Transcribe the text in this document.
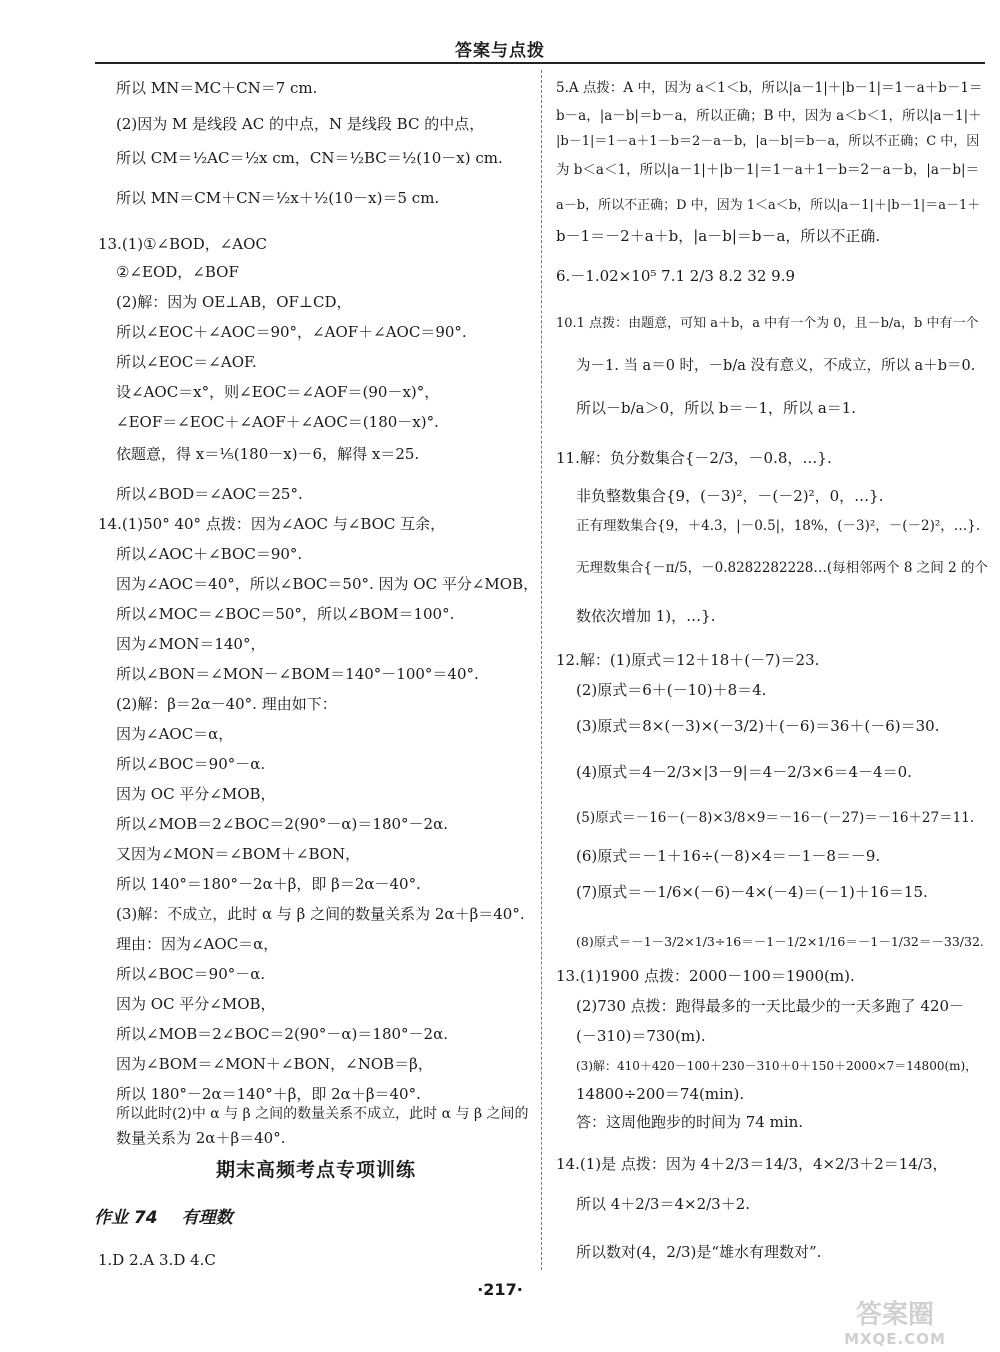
答案与点拨
所以 MN＝MC＋CN＝7 cm.
(2)因为 M 是线段 AC 的中点，N 是线段 BC 的中点，
所以 CM＝½AC＝½x cm，CN＝½BC＝½(10－x) cm.
所以 MN＝CM＋CN＝½x＋½(10－x)＝5 cm.
13.(1)①∠BOD，∠AOC
②∠EOD，∠BOF
(2)解：因为 OE⊥AB，OF⊥CD，
所以∠EOC＋∠AOC＝90°，∠AOF＋∠AOC＝90°.
所以∠EOC＝∠AOF.
设∠AOC＝x°，则∠EOC＝∠AOF＝(90－x)°，
∠EOF＝∠EOC＋∠AOF＋∠AOC＝(180－x)°.
依题意，得 x＝⅕(180－x)－6，解得 x＝25.
所以∠BOD＝∠AOC＝25°.
14.(1)50° 40° 点拨：因为∠AOC 与∠BOC 互余，
所以∠AOC＋∠BOC＝90°.
因为∠AOC＝40°，所以∠BOC＝50°. 因为 OC 平分∠MOB，
所以∠MOC＝∠BOC＝50°，所以∠BOM＝100°.
因为∠MON＝140°，
所以∠BON＝∠MON－∠BOM＝140°－100°＝40°.
(2)解：β＝2α－40°. 理由如下：
因为∠AOC＝α，
所以∠BOC＝90°－α.
因为 OC 平分∠MOB，
所以∠MOB＝2∠BOC＝2(90°－α)＝180°－2α.
又因为∠MON＝∠BOM＋∠BON，
所以 140°＝180°－2α＋β，即 β＝2α－40°.
(3)解：不成立，此时 α 与 β 之间的数量关系为 2α＋β＝40°.
理由：因为∠AOC＝α，
所以∠BOC＝90°－α.
因为 OC 平分∠MOB，
所以∠MOB＝2∠BOC＝2(90°－α)＝180°－2α.
因为∠BOM＝∠MON＋∠BON，∠NOB＝β，
所以 180°－2α＝140°＋β，即 2α＋β＝40°.
所以此时(2)中 α 与 β 之间的数量关系不成立，此时 α 与 β 之间的
数量关系为 2α＋β＝40°.
5.A 点拨：A 中，因为 a＜1＜b，所以|a－1|＋|b－1|＝1－a＋b－1＝
b－a，|a－b|＝b－a，所以正确；B 中，因为 a＜b＜1，所以|a－1|＋
|b－1|＝1－a＋1－b＝2－a－b，|a－b|＝b－a，所以不正确；C 中，因
为 b＜a＜1，所以|a－1|＋|b－1|＝1－a＋1－b＝2－a－b，|a－b|＝
a－b，所以不正确；D 中，因为 1＜a＜b，所以|a－1|＋|b－1|＝a－1＋
b－1＝－2＋a＋b，|a－b|＝b－a，所以不正确.
6.－1.02×10⁵ 7.1 2/3 8.2 32 9.9
10.1 点拨：由题意，可知 a＋b，a 中有一个为 0，且－b/a，b 中有一个
为－1. 当 a＝0 时，－b/a 没有意义，不成立，所以 a＋b＝0.
所以－b/a＞0，所以 b＝－1，所以 a＝1.
11.解：负分数集合{－2/3，－0.8，…}.
非负整数集合{9，(－3)²，－(－2)²，0，…}.
正有理数集合{9，＋4.3，|－0.5|，18%，(－3)²，－(－2)²，…}.
无理数集合{－π/5，－0.8282282228…(每相邻两个 8 之间 2 的个
数依次增加 1)，…}.
12.解：(1)原式＝12＋18＋(－7)＝23.
(2)原式＝6＋(－10)＋8＝4.
(3)原式＝8×(－3)×(－3/2)＋(－6)＝36＋(－6)＝30.
(4)原式＝4－2/3×|3－9|＝4－2/3×6＝4－4＝0.
(5)原式＝－16－(－8)×3/8×9＝－16－(－27)＝－16＋27＝11.
(6)原式＝－1＋16÷(－8)×4＝－1－8＝－9.
(7)原式＝－1/6×(－6)－4×(－4)＝(－1)＋16＝15.
(8)原式＝－1－3/2×1/3÷16＝－1－1/2×1/16＝－1－1/32＝－33/32.
13.(1)1900 点拨：2000－100＝1900(m).
(2)730 点拨：跑得最多的一天比最少的一天多跑了 420－
(－310)＝730(m).
(3)解：410＋420－100＋230－310＋0＋150＋2000×7＝14800(m)，
14800÷200＝74(min).
答：这周他跑步的时间为 74 min.
14.(1)是 点拨：因为 4＋2/3＝14/3，4×2/3＋2＝14/3，
所以 4＋2/3＝4×2/3＋2.
所以数对(4，2/3)是“雄水有理数对”.
期末高频考点专项训练
作业 74 有理数
1.D 2.A 3.D 4.C
·217·
答案圈
MXQE.COM
